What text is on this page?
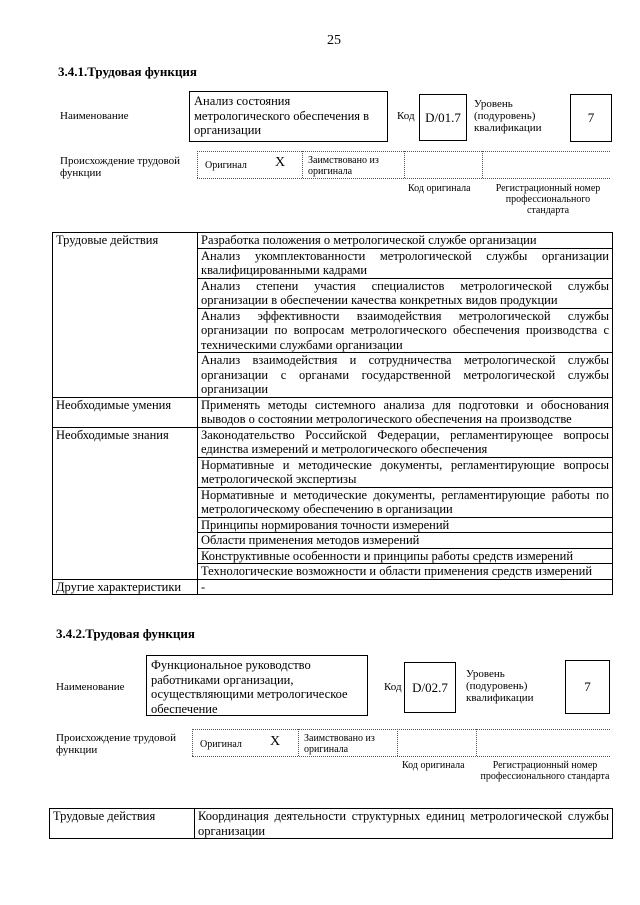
25
3.4.1.Трудовая функция
Наименование
Анализ состояния метрологического обеспечения в организации
Код D/01.7
Уровень (подуровень) квалификации
7
Происхождение трудовой функции
Оригинал X Заимствовано из оригинала
Код оригинала	Регистрационный номер профессионального стандарта
Трудовые действия	Разработка положения о метрологической службе организации
	Анализ укомплектованности метрологической службы организации квалифицированными кадрами
	Анализ степени участия специалистов метрологической службы организации в обеспечении качества конкретных видов продукции
	Анализ эффективности взаимодействия метрологической службы организации по вопросам метрологического обеспечения производства с техническими службами организации
	Анализ взаимодействия и сотрудничества метрологической службы организации с органами государственной метрологической службы организации
Необходимые умения	Применять методы системного анализа для подготовки и обоснования выводов о состоянии метрологического обеспечения на производстве
Необходимые знания	Законодательство Российской Федерации, регламентирующее вопросы единства измерений и метрологического обеспечения
	Нормативные и методические документы, регламентирующие вопросы метрологической экспертизы
	Нормативные и методические документы, регламентирующие работы по метрологическому обеспечению в организации
	Принципы нормирования точности измерений
	Области применения методов измерений
	Конструктивные особенности и принципы работы средств измерений
	Технологические возможности и области применения средств измерений
Другие характеристики	-
3.4.2.Трудовая функция
Наименование
Функциональное руководство работниками организации, осуществляющими метрологическое обеспечение
Код D/02.7
Уровень (подуровень) квалификации
7
Происхождение трудовой функции	Оригинал X Заимствовано из оригинала
Код оригинала	Регистрационный номер профессионального стандарта
Трудовые действия	Координация деятельности структурных единиц метрологической службы организации
